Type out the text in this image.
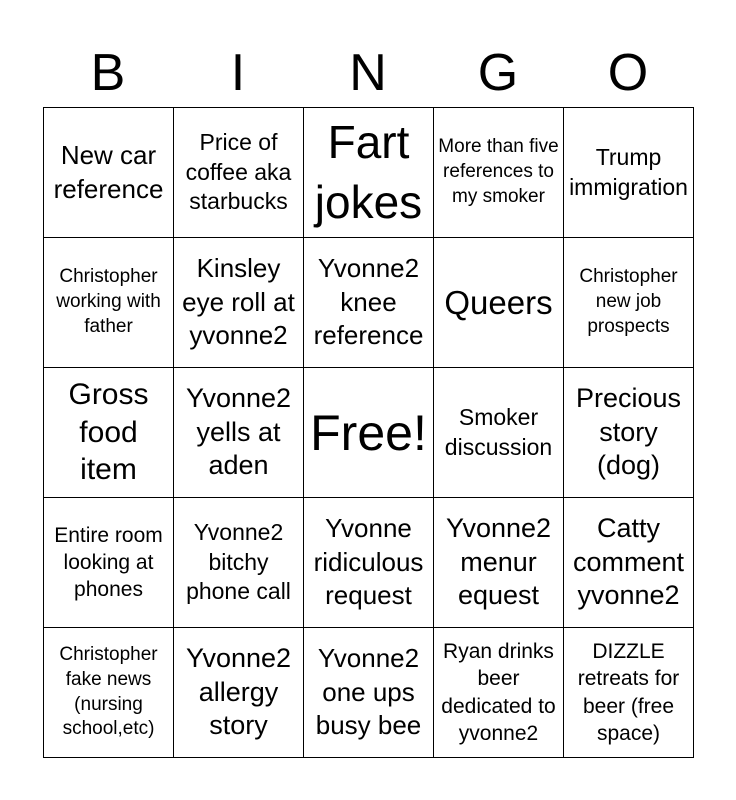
B	I	N	G	O
New car reference
Price of coffee aka starbucks
Fart jokes
More than five references to my smoker
Trump immigration
Christopher working with father
Kinsley eye roll at yvonne2
Yvonne2 knee reference
Queers
Christopher new job prospects
Gross food item
Yvonne2 yells at aden
Free!	Smoker discussion
Precious story (dog)
Entire room looking at phones
Yvonne2 bitchy phone call
Yvonne ridiculous request
Yvonne2 menur equest
Catty comment yvonne2
Christopher fake news (nursing school,etc)
Yvonne2 allergy story
Yvonne2 one ups busy bee
Ryan drinks beer dedicated to yvonne2
DIZZLE retreats for beer (free space)
